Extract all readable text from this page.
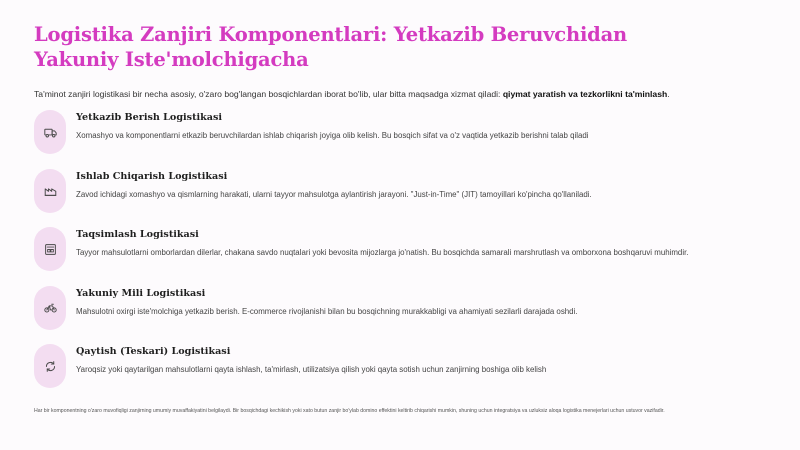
Logistika Zanjiri Komponentlari: Yetkazib Beruvchidan Yakuniy Iste'molchigacha
Ta'minot zanjiri logistikasi bir necha asosiy, o'zaro bog'langan bosqichlardan iborat bo'lib, ular bitta maqsadga xizmat qiladi: qiymat yaratish va tezkorlikni ta'minlash.
Yetkazib Berish Logistikasi
Xomashyo va komponentlarni etkazib beruvchilardan ishlab chiqarish joyiga olib kelish. Bu bosqich sifat va o'z vaqtida yetkazib berishni talab qiladi
Ishlab Chiqarish Logistikasi
Zavod ichidagi xomashyo va qismlarning harakati, ularni tayyor mahsulotga aylantirish jarayoni. "Just-in-Time" (JIT) tamoyillari ko'pincha qo'llaniladi.
Taqsimlash Logistikasi
Tayyor mahsulotlarni omborlardan dilerlar, chakana savdo nuqtalari yoki bevosita mijozlarga jo'natish. Bu bosqichda samarali marshrutlash va omborxona boshqaruvi muhimdir.
Yakuniy Mili Logistikasi
Mahsulotni oxirgi iste'molchiga yetkazib berish. E-commerce rivojlanishi bilan bu bosqichning murakkabligi va ahamiyati sezilarli darajada oshdi.
Qaytish (Teskari) Logistikasi
Yaroqsiz yoki qaytarilgan mahsulotlarni qayta ishlash, ta'mirlash, utilizatsiya qilish yoki qayta sotish uchun zanjirning boshiga olib kelish
Har bir komponentning o'zaro muvofiqligi zanjirning umumiy muvaffakiyatini belgilaydi. Bir bosqichdagi kechikish yoki xato butun zanjir bo'ylab domino effektini keltirib chiqarishi mumkin, shuning uchun integratsiya va uzluksiz aloqa logistika menejerlari uchun ustuvor vazifadir.
